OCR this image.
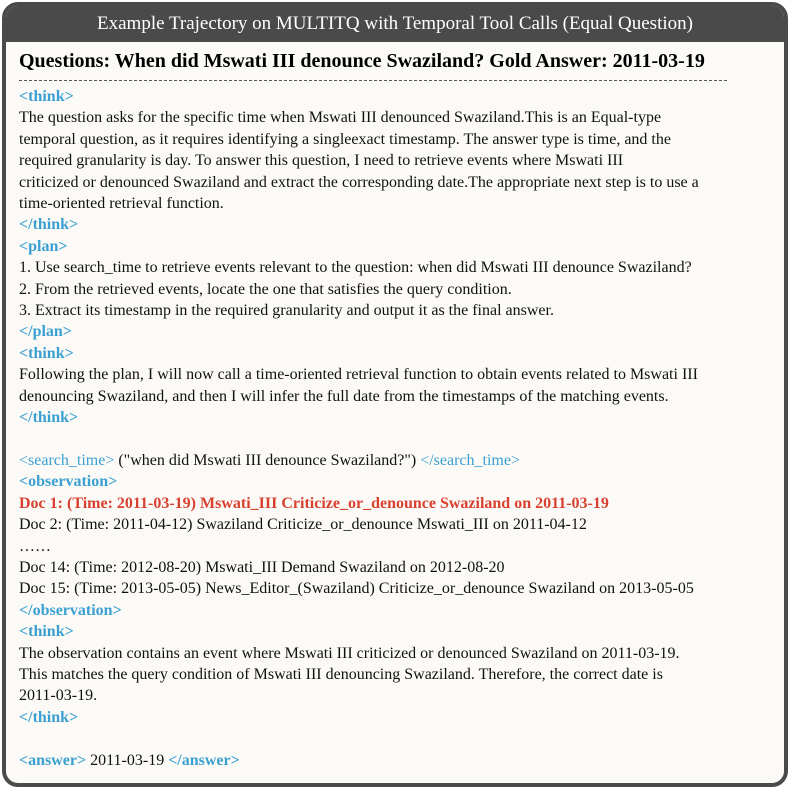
Example Trajectory on MULTITQ with Temporal Tool Calls (Equal Question)
Questions: When did Mswati III denounce Swaziland? Gold Answer: 2011-03-19
<think>
The question asks for the specific time when Mswati III denounced Swaziland.This is an Equal-type
temporal question, as it requires identifying a singleexact timestamp. The answer type is time, and the
required granularity is day. To answer this question, I need to retrieve events where Mswati III
criticized or denounced Swaziland and extract the corresponding date.The appropriate next step is to use a
time-oriented retrieval function.
</think>
<plan>
1. Use search_time to retrieve events relevant to the question: when did Mswati III denounce Swaziland?
2. From the retrieved events, locate the one that satisfies the query condition.
3. Extract its timestamp in the required granularity and output it as the final answer.
</plan>
<think>
Following the plan, I will now call a time-oriented retrieval function to obtain events related to Mswati III
denouncing Swaziland, and then I will infer the full date from the timestamps of the matching events.
</think>
<search_time> ("when did Mswati III denounce Swaziland?") </search_time>
<observation>
Doc 1: (Time: 2011-03-19) Mswati_III Criticize_or_denounce Swaziland on 2011-03-19
Doc 2: (Time: 2011-04-12) Swaziland Criticize_or_denounce Mswati_III on 2011-04-12
……
Doc 14: (Time: 2012-08-20) Mswati_III Demand Swaziland on 2012-08-20
Doc 15: (Time: 2013-05-05) News_Editor_(Swaziland) Criticize_or_denounce Swaziland on 2013-05-05
</observation>
<think>
The observation contains an event where Mswati III criticized or denounced Swaziland on 2011-03-19.
This matches the query condition of Mswati III denouncing Swaziland. Therefore, the correct date is
2011-03-19.
</think>
<answer> 2011-03-19 </answer>
